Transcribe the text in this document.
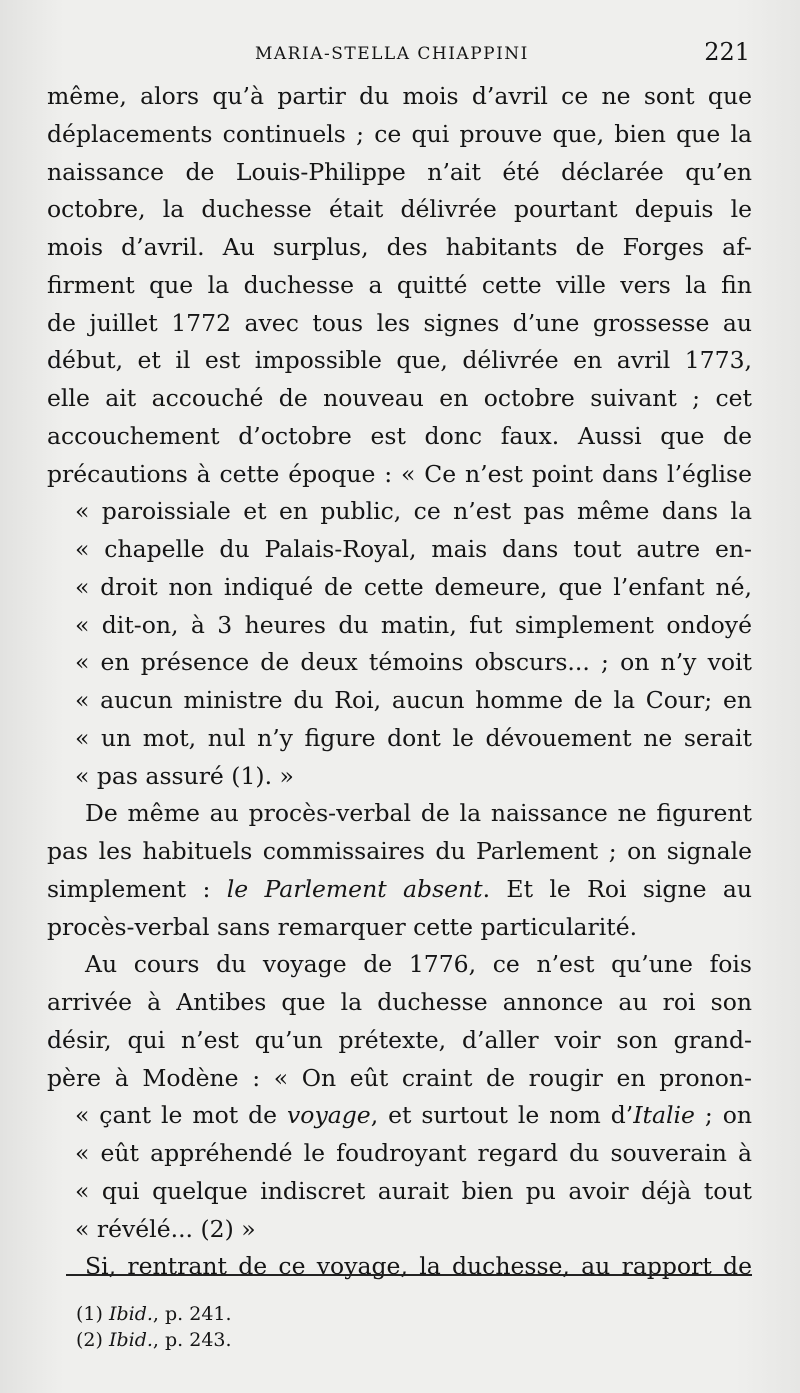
MARIA-STELLA CHIAPPINI	221
même, alors qu’à partir du mois d’avril ce ne sont que
déplacements continuels ; ce qui prouve que, bien que la
naissance de Louis-Philippe n’ait été déclarée qu’en
octobre, la duchesse était délivrée pourtant depuis le
mois d’avril. Au surplus, des habitants de Forges af-
firment que la duchesse a quitté cette ville vers la fin
de juillet 1772 avec tous les signes d’une grossesse au
début, et il est impossible que, délivrée en avril 1773,
elle ait accouché de nouveau en octobre suivant ; cet
accouchement d’octobre est donc faux. Aussi que de
précautions à cette époque : « Ce n’est point dans l’église
« paroissiale et en public, ce n’est pas même dans la
« chapelle du Palais-Royal, mais dans tout autre en-
« droit non indiqué de cette demeure, que l’enfant né,
« dit-on, à 3 heures du matin, fut simplement ondoyé
« en présence de deux témoins obscurs... ; on n’y voit
« aucun ministre du Roi, aucun homme de la Cour; en
« un mot, nul n’y figure dont le dévouement ne serait
« pas assuré (1). »
De même au procès-verbal de la naissance ne figurent
pas les habituels commissaires du Parlement ; on signale
simplement : le Parlement absent. Et le Roi signe au
procès-verbal sans remarquer cette particularité.
Au cours du voyage de 1776, ce n’est qu’une fois
arrivée à Antibes que la duchesse annonce au roi son
désir, qui n’est qu’un prétexte, d’aller voir son grand-
père à Modène : « On eût craint de rougir en pronon-
« çant le mot de voyage, et surtout le nom d’Italie ; on
« eût appréhendé le foudroyant regard du souverain à
« qui quelque indiscret aurait bien pu avoir déjà tout
« révélé... (2) »
Si, rentrant de ce voyage, la duchesse, au rapport de
(1) Ibid., p. 241.
(2) Ibid., p. 243.
